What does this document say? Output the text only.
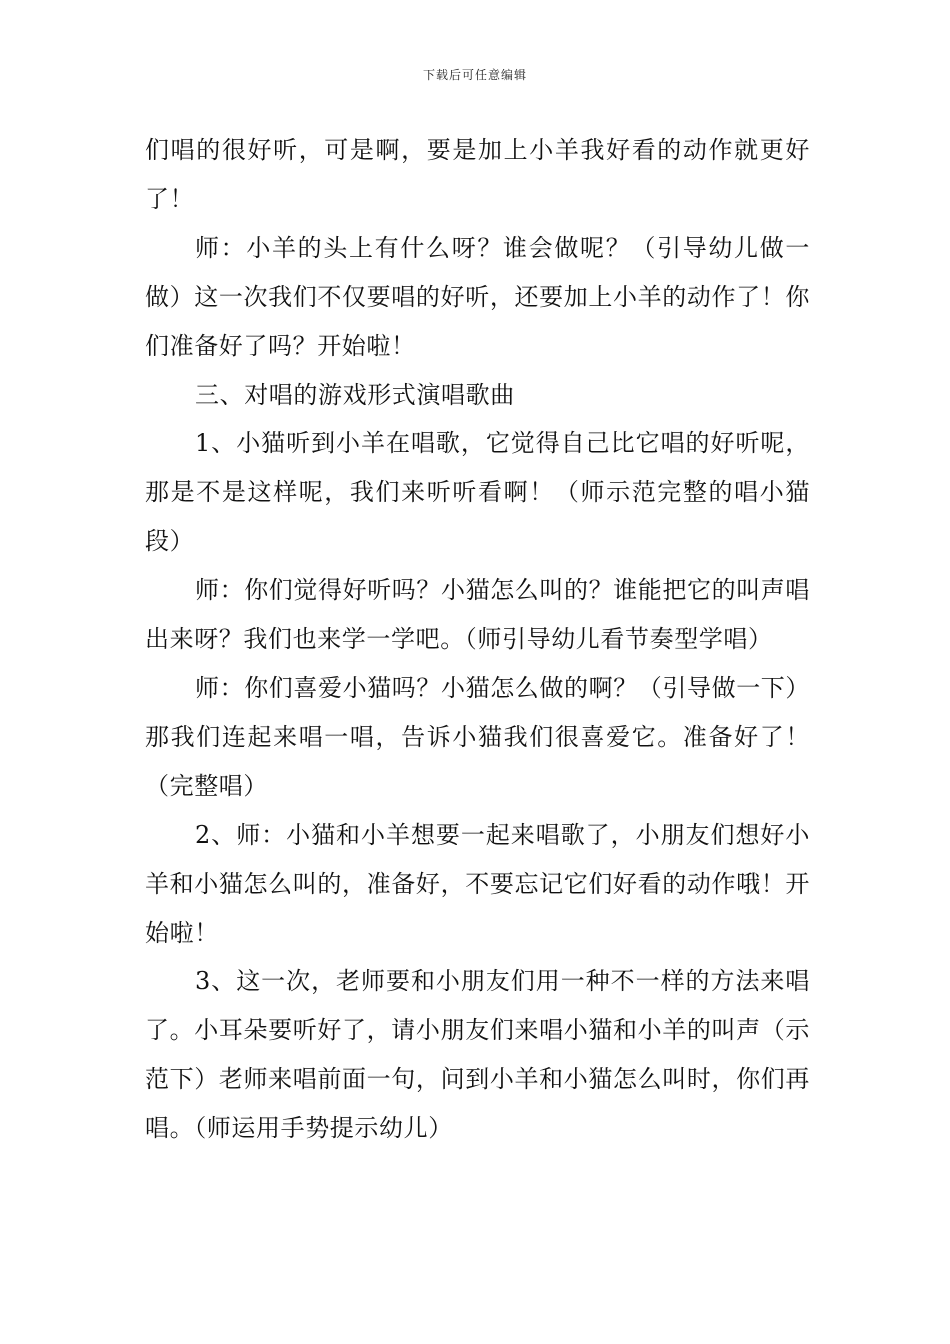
下载后可任意编辑

们唱的很好听，可是啊，要是加上小羊我好看的动作就更好了！

师：小羊的头上有什么呀？谁会做呢？（引导幼儿做一做）这一次我们不仅要唱的好听，还要加上小羊的动作了！你们准备好了吗？开始啦！

三、对唱的游戏形式演唱歌曲

1、小猫听到小羊在唱歌，它觉得自己比它唱的好听呢，那是不是这样呢，我们来听听看啊！（师示范完整的唱小猫段）

师：你们觉得好听吗？小猫怎么叫的？谁能把它的叫声唱出来呀？我们也来学一学吧。（师引导幼儿看节奏型学唱）

师：你们喜爱小猫吗？小猫怎么做的啊？（引导做一下）那我们连起来唱一唱，告诉小猫我们很喜爱它。准备好了！（完整唱）

2、师：小猫和小羊想要一起来唱歌了，小朋友们想好小羊和小猫怎么叫的，准备好，不要忘记它们好看的动作哦！开始啦！

3、这一次，老师要和小朋友们用一种不一样的方法来唱了。小耳朵要听好了，请小朋友们来唱小猫和小羊的叫声（示范下）老师来唱前面一句，问到小羊和小猫怎么叫时，你们再唱。（师运用手势提示幼儿）
